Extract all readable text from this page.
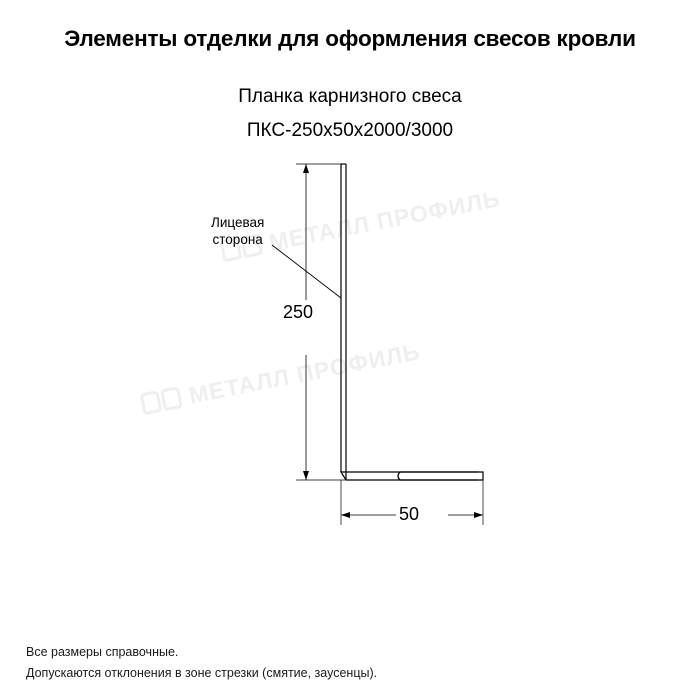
Элементы отделки для оформления свесов кровли
Планка карнизного свеса
ПКС-250х50х2000/3000
МЕТАЛЛ ПРОФИЛЬ
МЕТАЛЛ ПРОФИЛЬ
Лицевая
сторона
250
50
Все размеры справочные.
Допускаются отклонения в зоне стрезки (смятие, заусенцы).
